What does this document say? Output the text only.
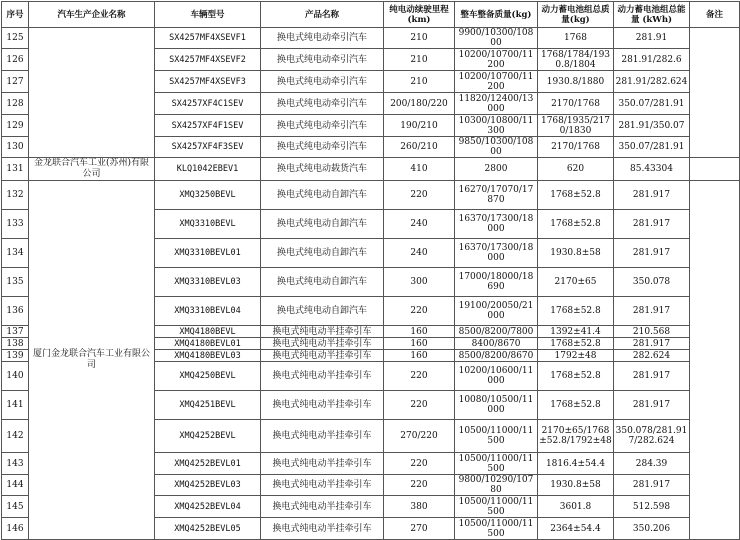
序号	汽车生产企业名称	车辆型号	产品名称	纯电动续驶里程 (km)	整车整备质量(kg)	动力蓄电池组总质量(kg)	动力蓄电池组总能量 (kWh)	备注
125		SX4257MF4XSEVF1	换电式纯电动牵引汽车	210	9900/10300/10800	1768	281.91	
126		SX4257MF4XSEVF2	换电式纯电动牵引汽车	210	10200/10700/11200	1768/1784/1930.8/1804	281.91/282.6	
127		SX4257MF4XSEVF3	换电式纯电动牵引汽车	210	10200/10700/11200	1930.8/1880	281.91/282.624	
128		SX4257XF4C1SEV	换电式纯电动牵引汽车	200/180/220	11820/12400/13000	2170/1768	350.07/281.91	
129		SX4257XF4F1SEV	换电式纯电动牵引汽车	190/210	10300/10800/11300	1768/1935/2170/1830	281.91/350.07	
130		SX4257XF4F3SEV	换电式纯电动牵引汽车	260/210	9850/10300/10800	2170/1768	350.07/281.91	
131	金龙联合汽车工业(苏州)有限公司	KLQ1042EBEV1	换电式纯电动载货汽车	410	2800	620	85.43304	
132	厦门金龙联合汽车工业有限公司	XMQ3250BEVL	换电式纯电动自卸汽车	220	16270/17070/17870	1768±52.8	281.917	
133		XMQ3310BEVL	换电式纯电动自卸汽车	240	16370/17300/18000	1768±52.8	281.917	
134		XMQ3310BEVL01	换电式纯电动自卸汽车	240	16370/17300/18000	1930.8±58	281.917	
135		XMQ3310BEVL03	换电式纯电动自卸汽车	300	17000/18000/18690	2170±65	350.078	
136		XMQ3310BEVL04	换电式纯电动自卸汽车	220	19100/20050/21000	1768±52.8	281.917	
137		XMQ4180BEVL	换电式纯电动半挂牵引车	160	8500/8200/7800	1392±41.4	210.568	
138		XMQ4180BEVL01	换电式纯电动半挂牵引车	160	8400/8670	1768±52.8	281.917	
139		XMQ4180BEVL03	换电式纯电动半挂牵引车	160	8500/8200/8670	1792±48	282.624	
140		XMQ4250BEVL	换电式纯电动半挂牵引车	220	10200/10600/11000	1768±52.8	281.917	
141		XMQ4251BEVL	换电式纯电动半挂牵引车	220	10080/10500/11000	1768±52.8	281.917	
142		XMQ4252BEVL	换电式纯电动半挂牵引车	270/220	10500/11000/11500	2170±65/1768±52.8/1792±48	350.078/281.917/282.624	
143		XMQ4252BEVL01	换电式纯电动半挂牵引车	220	10500/11000/11500	1816.4±54.4	284.39	
144		XMQ4252BEVL03	换电式纯电动半挂牵引车	220	9800/10290/10780	1930.8±58	281.917	
145		XMQ4252BEVL04	换电式纯电动半挂牵引车	380	10500/11000/11500	3601.8	512.598	
146		XMQ4252BEVL05	换电式纯电动半挂牵引车	270	10500/11000/11500	2364±54.4	350.206	
